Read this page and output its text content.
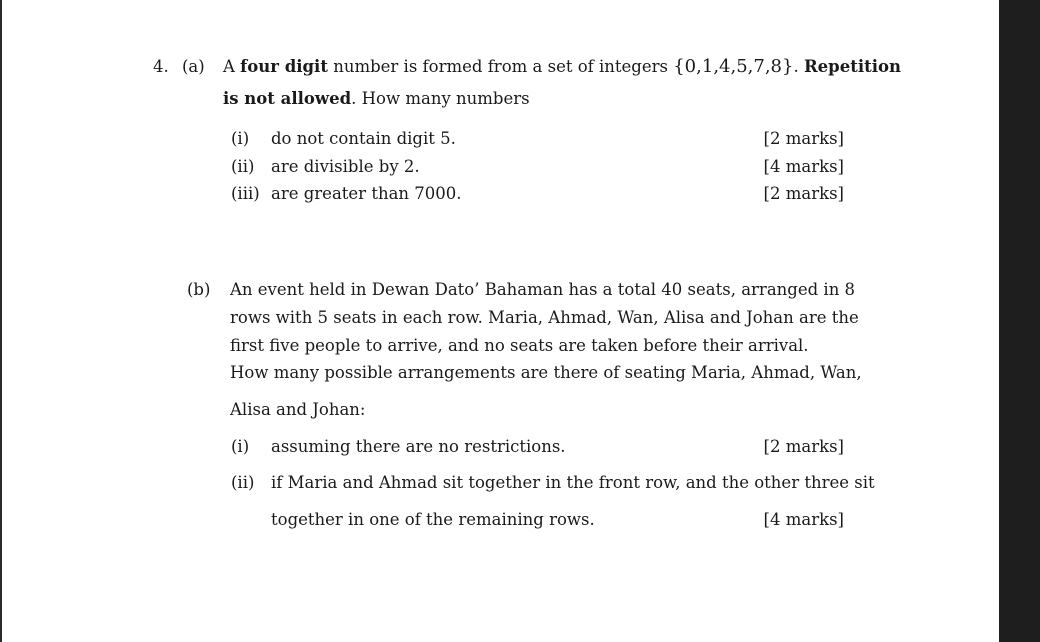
4. (a) A four digit number is formed from a set of integers {0,1,4,5,7,8}. Repetition
is not allowed. How many numbers
(i) do not contain digit 5.	[2 marks]
(ii) are divisible by 2.	[4 marks]
(iii) are greater than 7000.	[2 marks]
(b) An event held in Dewan Dato’ Bahaman has a total 40 seats, arranged in 8
rows with 5 seats in each row. Maria, Ahmad, Wan, Alisa and Johan are the
first five people to arrive, and no seats are taken before their arrival.
How many possible arrangements are there of seating Maria, Ahmad, Wan,
Alisa and Johan:
(i) assuming there are no restrictions.	[2 marks]
(ii) if Maria and Ahmad sit together in the front row, and the other three sit
together in one of the remaining rows.	[4 marks]
